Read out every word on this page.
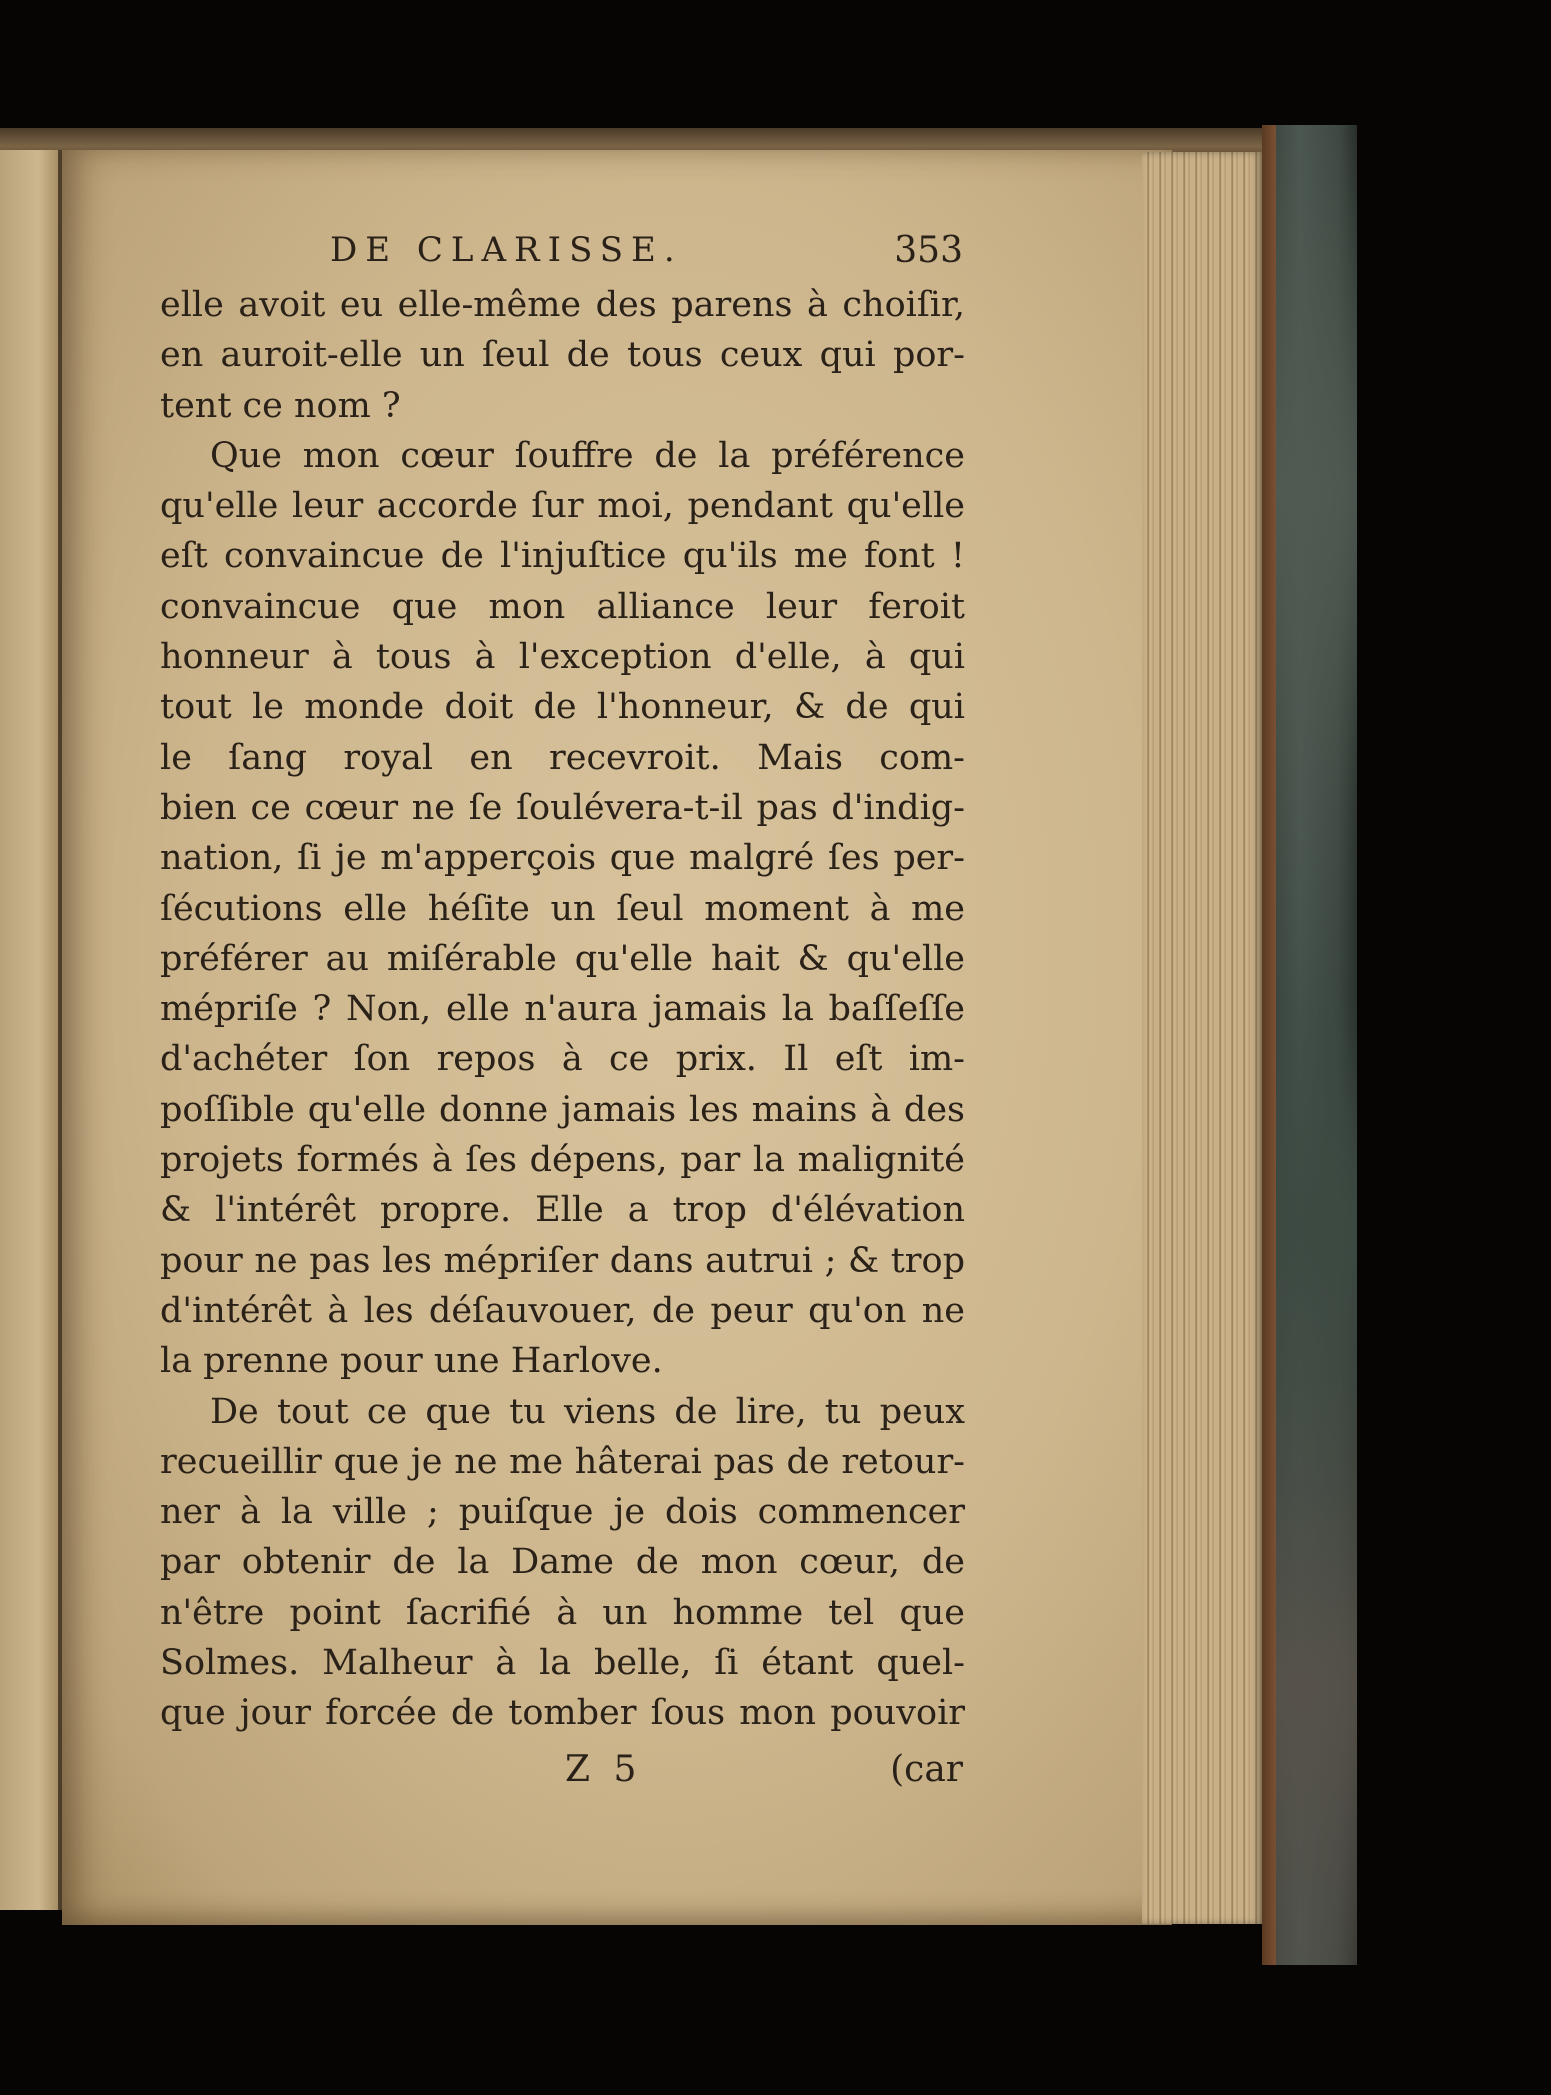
DE CLARISSE.	353
elle avoit eu elle-même des parens à choiſir,
en auroit-elle un ſeul de tous ceux qui por-
tent ce nom ?
Que mon cœur ſouffre de la préférence
qu'elle leur accorde ſur moi, pendant qu'elle
eſt convaincue de l'injuſtice qu'ils me font !
convaincue que mon alliance leur feroit
honneur à tous à l'exception d'elle, à qui
tout le monde doit de l'honneur, & de qui
le ſang royal en recevroit. Mais com-
bien ce cœur ne ſe ſoulévera-t-il pas d'indig-
nation, ſi je m'apperçois que malgré ſes per-
ſécutions elle héſite un ſeul moment à me
préférer au miſérable qu'elle hait & qu'elle
mépriſe ? Non, elle n'aura jamais la baſſeſſe
d'achéter ſon repos à ce prix. Il eſt im-
poſſible qu'elle donne jamais les mains à des
projets formés à ſes dépens, par la malignité
& l'intérêt propre. Elle a trop d'élévation
pour ne pas les mépriſer dans autrui ; & trop
d'intérêt à les déſauvouer, de peur qu'on ne
la prenne pour une Harlove.
De tout ce que tu viens de lire, tu peux
recueillir que je ne me hâterai pas de retour-
ner à la ville ; puiſque je dois commencer
par obtenir de la Dame de mon cœur, de
n'être point ſacrifié à un homme tel que
Solmes. Malheur à la belle, ſi étant quel-
que jour forcée de tomber ſous mon pouvoir
Z 5	(car
